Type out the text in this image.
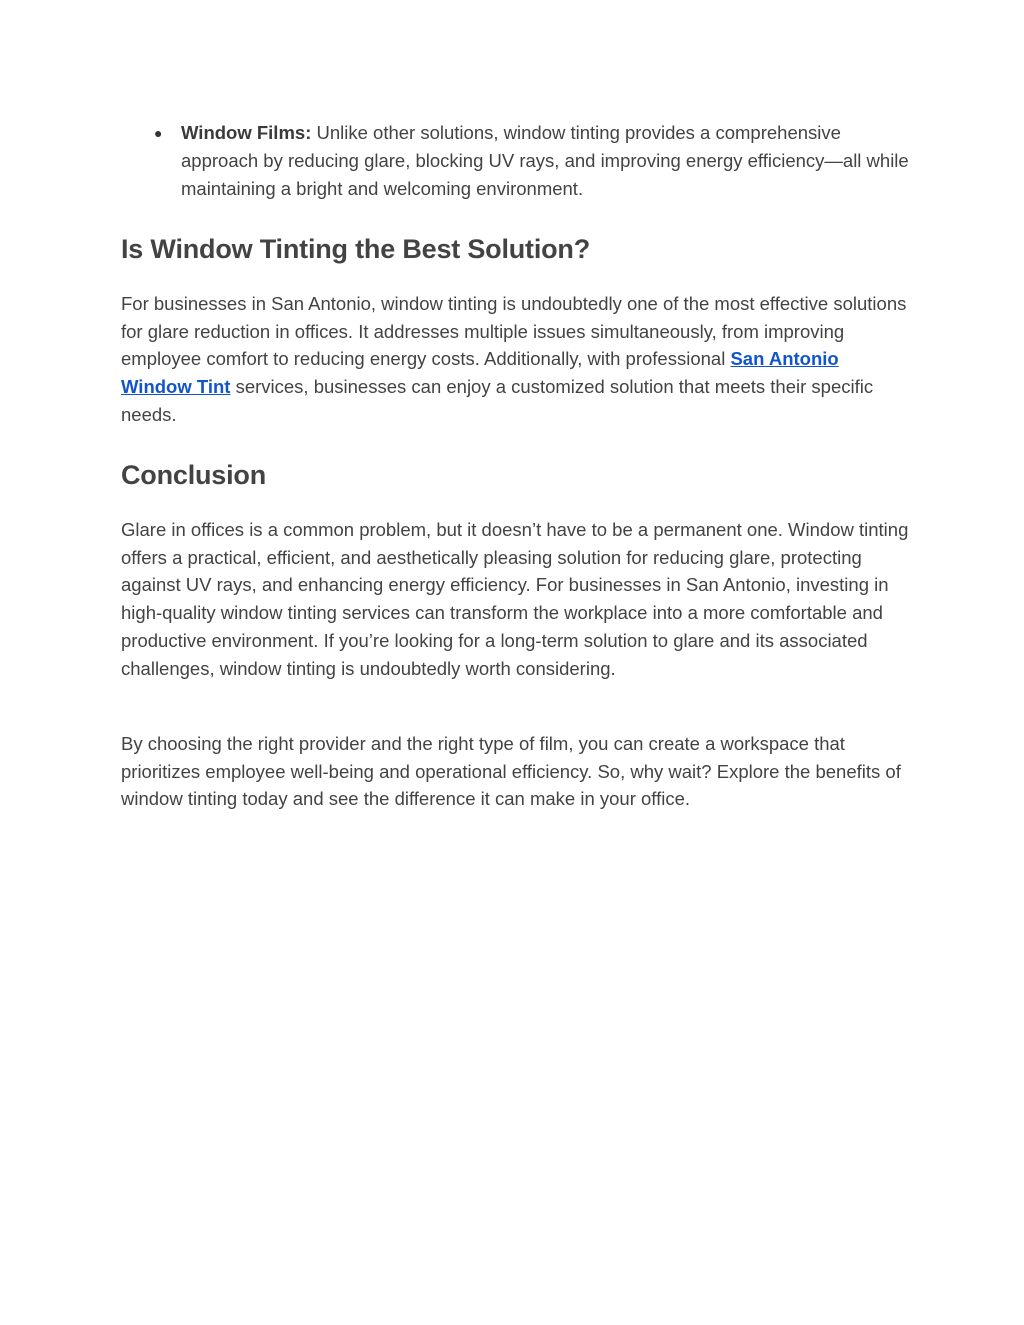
● Window Films: Unlike other solutions, window tinting provides a comprehensive approach by reducing glare, blocking UV rays, and improving energy efficiency—all while maintaining a bright and welcoming environment.
Is Window Tinting the Best Solution?

For businesses in San Antonio, window tinting is undoubtedly one of the most effective solutions for glare reduction in offices. It addresses multiple issues simultaneously, from improving employee comfort to reducing energy costs. Additionally, with professional San Antonio Window Tint services, businesses can enjoy a customized solution that meets their specific needs.

Conclusion

Glare in offices is a common problem, but it doesn’t have to be a permanent one. Window tinting offers a practical, efficient, and aesthetically pleasing solution for reducing glare, protecting against UV rays, and enhancing energy efficiency. For businesses in San Antonio, investing in high-quality window tinting services can transform the workplace into a more comfortable and productive environment. If you’re looking for a long-term solution to glare and its associated challenges, window tinting is undoubtedly worth considering.

By choosing the right provider and the right type of film, you can create a workspace that prioritizes employee well-being and operational efficiency. So, why wait? Explore the benefits of window tinting today and see the difference it can make in your office.
